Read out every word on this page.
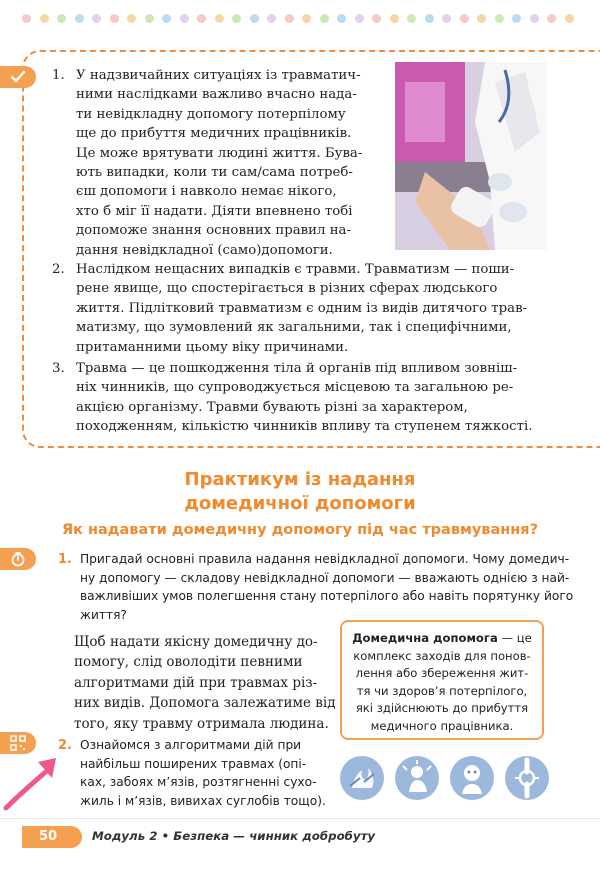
1. У надзвичайних ситуаціях із травматич-
ними наслідками важливо вчасно нада-
ти невідкладну допомогу потерпілому
ще до прибуття медичних працівників.
Це може врятувати людині життя. Бува-
ють випадки, коли ти сам/сама потреб-
єш допомоги і навколо немає нікого,
хто б міг її надати. Діяти впевнено тобі
допоможе знання основних правил на-
дання невідкладної (само)допомоги.
2. Наслідком нещасних випадків є травми. Травматизм — поши-
рене явище, що спостерігається в різних сферах людського
життя. Підлітковий травматизм є одним із видів дитячого трав-
матизму, що зумовлений як загальними, так і специфічними,
притаманними цьому віку причинами.
3. Травма — це пошкодження тіла й органів під впливом зовніш-
ніх чинників, що супроводжується місцевою та загальною ре-
акцією організму. Травми бувають різні за характером,
походженням, кількістю чинників впливу та ступенем тяжкості.
Практикум із надання
домедичної допомоги
Як надавати домедичну допомогу під час травмування?
1. Пригадай основні правила надання невідкладної допомоги. Чому домедич-
ну допомогу — складову невідкладної допомоги — вважають однією з най-
важливіших умов полегшення стану потерпілого або навіть порятунку його
життя?
Щоб надати якісну домедичну до-
помогу, слід оволодіти певними
алгоритмами дій при травмах різ-
них видів. Допомога залежатиме від
того, яку травму отримала людина.
Домедична допомога — це
комплекс заходів для понов-
лення або збереження жит-
тя чи здоров’я потерпілого,
які здійснюють до прибуття
медичного працівника.
2. Ознайомся з алгоритмами дій при
найбільш поширених травмах (опі-
ках, забоях м’язів, розтягненні сухо-
жиль і м’язів, вивихах суглобів тощо).
50	Модуль 2 • Безпека — чинник добробуту
